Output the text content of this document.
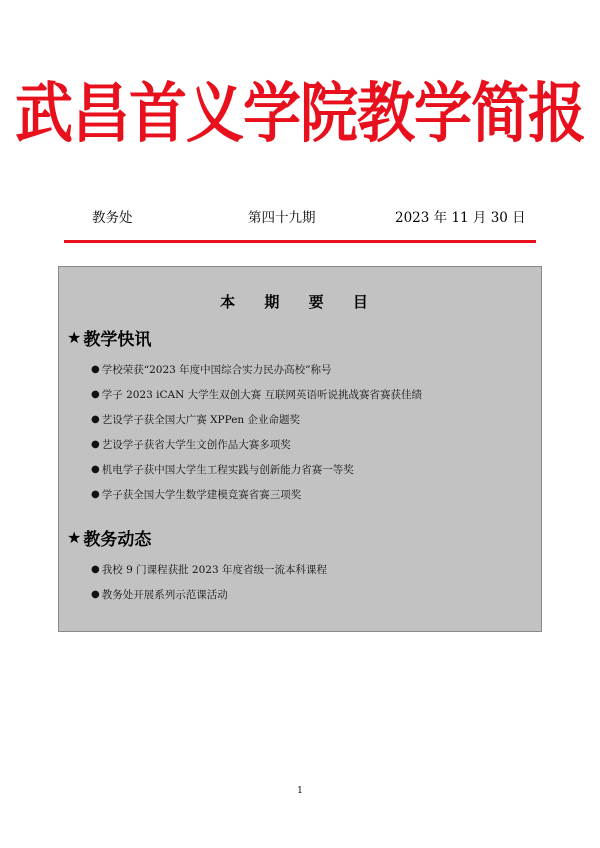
武昌首义学院教学简报
教务处	第四十九期	2023 年 11 月 30 日
本 期 要 目
★ 教学快讯
● 学校荣获“2023 年度中国综合实力民办高校”称号
● 学子 2023 iCAN 大学生双创大赛 互联网英语听说挑战赛省赛获佳绩
● 艺设学子获全国大广赛 XPPen 企业命题奖
● 艺设学子获省大学生文创作品大赛多项奖
● 机电学子获中国大学生工程实践与创新能力省赛一等奖
● 学子获全国大学生数学建模竞赛省赛三项奖
★ 教务动态
● 我校 9 门课程获批 2023 年度省级一流本科课程
● 教务处开展系列示范课活动
1
